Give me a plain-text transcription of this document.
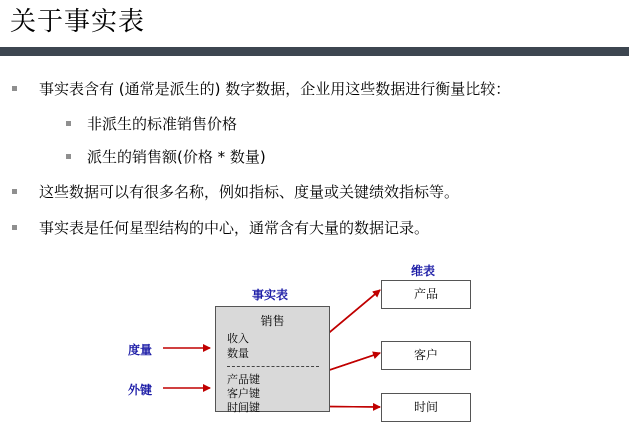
关于事实表
事实表含有 (通常是派生的) 数字数据，企业用这些数据进行衡量比较：
非派生的标准销售价格
派生的销售额(价格 * 数量)
这些数据可以有很多名称，例如指标、度量或关键绩效指标等。
事实表是任何星型结构的中心，通常含有大量的数据记录。
维表
事实表
销售
收入
数量
产品键
客户键
时间键
产品
客户
时间
度量
外键
